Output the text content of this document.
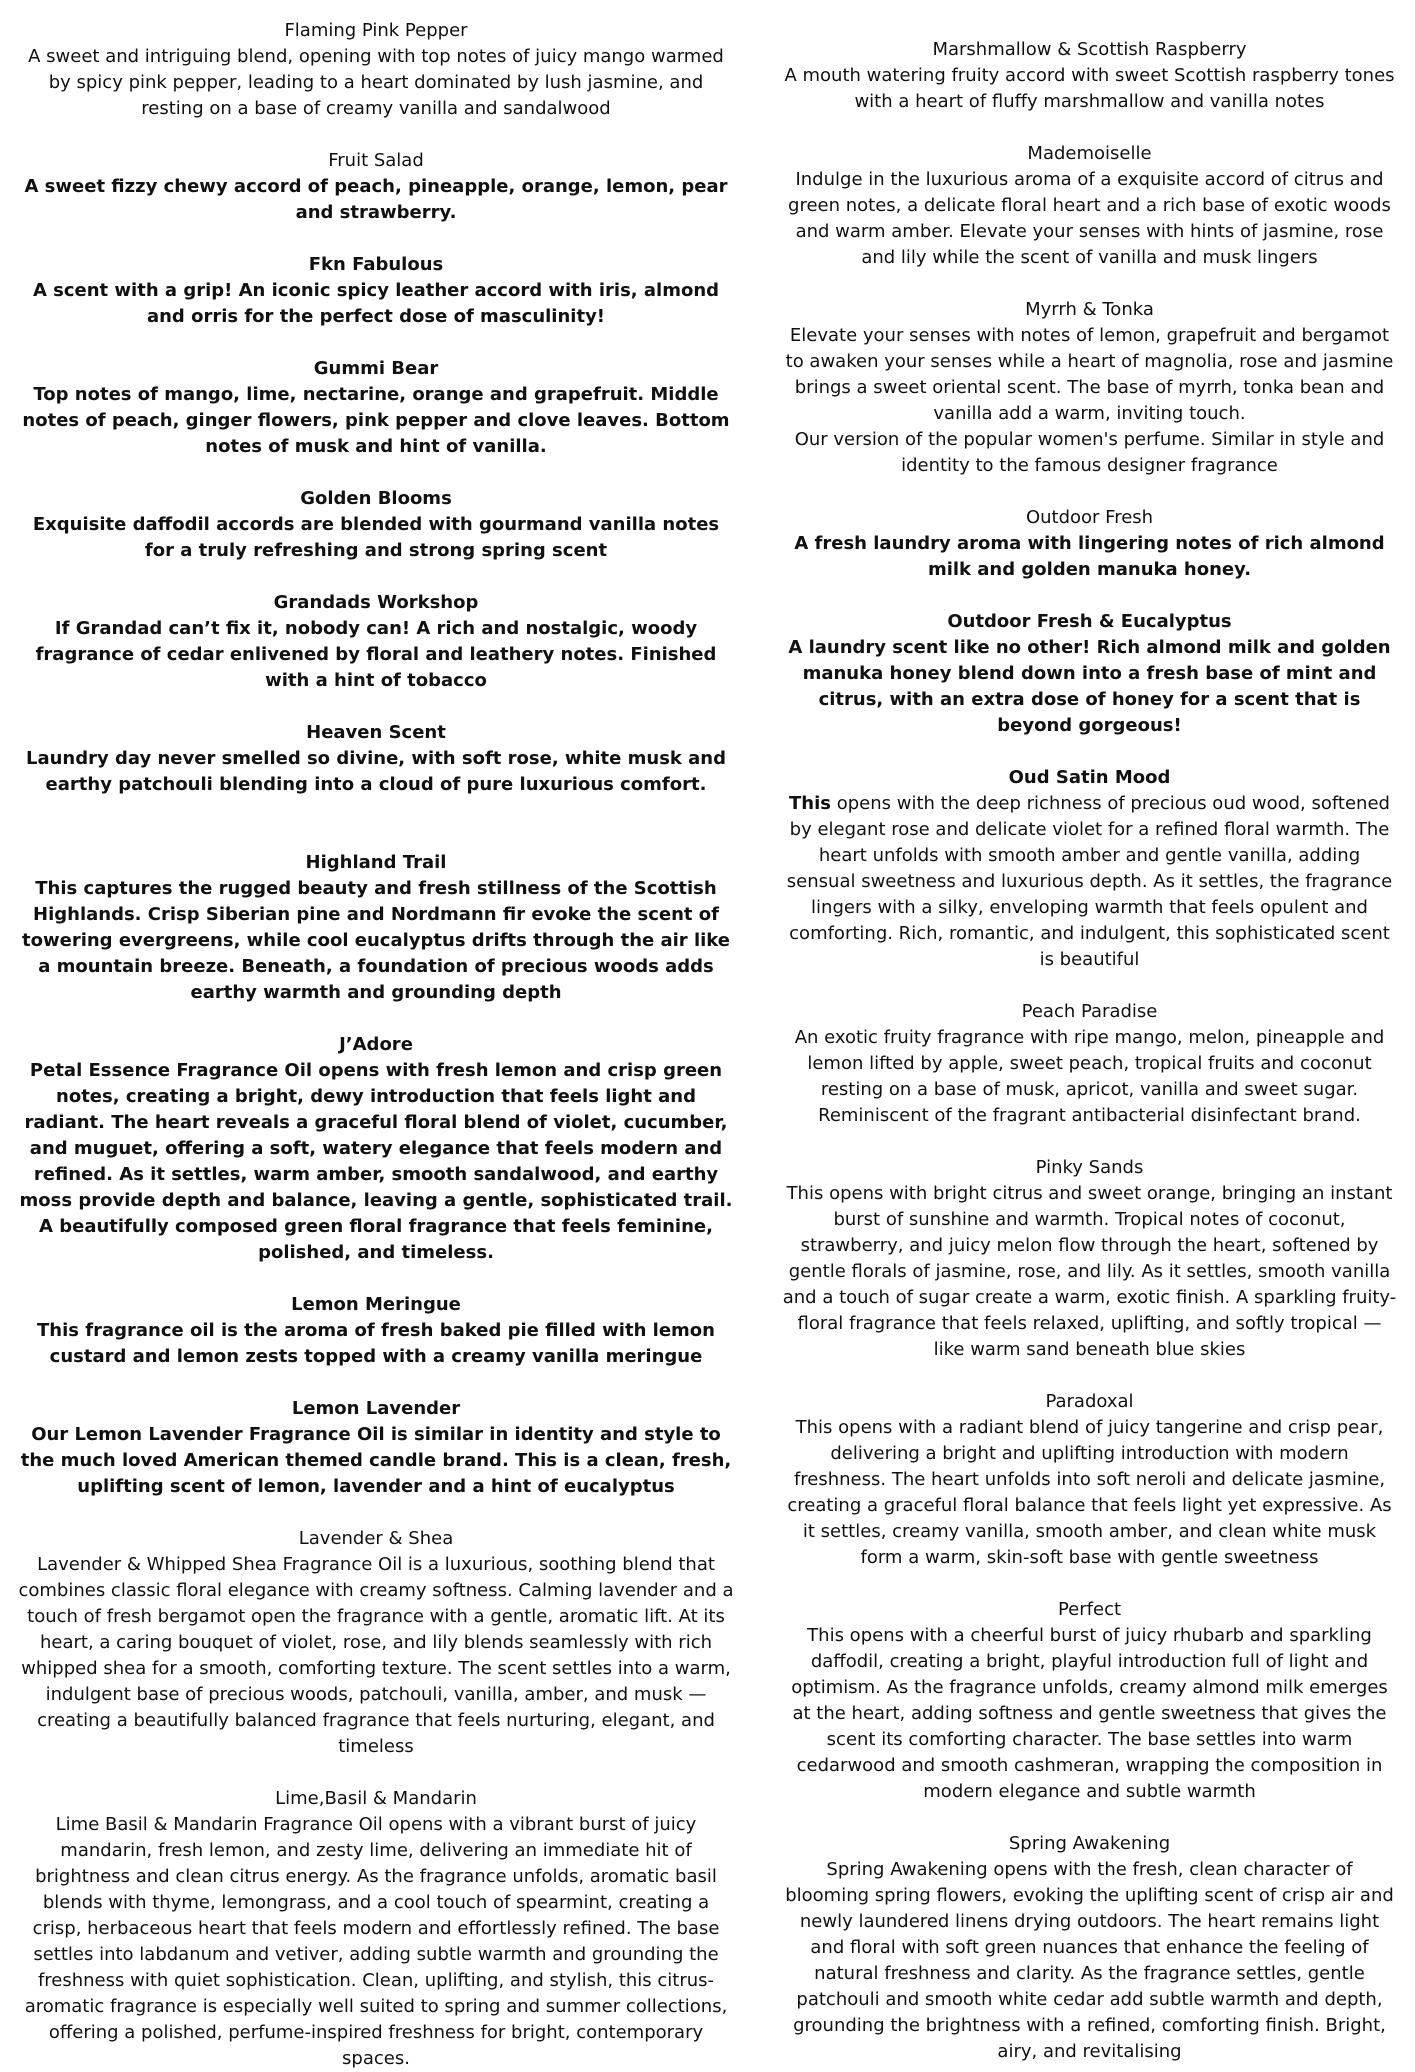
Flaming Pink Pepper

A sweet and intriguing blend, opening with top notes of juicy mango warmed by spicy pink pepper, leading to a heart dominated by lush jasmine, and resting on a base of creamy vanilla and sandalwood

Fruit Salad

A sweet fizzy chewy accord of peach, pineapple, orange, lemon, pear and strawberry.

Fkn Fabulous

A scent with a grip! An iconic spicy leather accord with iris, almond and orris for the perfect dose of masculinity!

Gummi Bear

Top notes of mango, lime, nectarine, orange and grapefruit. Middle notes of peach, ginger flowers, pink pepper and clove leaves. Bottom notes of musk and hint of vanilla.

Golden Blooms

Exquisite daffodil accords are blended with gourmand vanilla notes for a truly refreshing and strong spring scent

Grandads Workshop

If Grandad can’t fix it, nobody can! A rich and nostalgic, woody fragrance of cedar enlivened by floral and leathery notes. Finished with a hint of tobacco

Heaven Scent

Laundry day never smelled so divine, with soft rose, white musk and earthy patchouli blending into a cloud of pure luxurious comfort.

Highland Trail

This captures the rugged beauty and fresh stillness of the Scottish Highlands. Crisp Siberian pine and Nordmann fir evoke the scent of towering evergreens, while cool eucalyptus drifts through the air like a mountain breeze. Beneath, a foundation of precious woods adds earthy warmth and grounding depth

J’Adore

Petal Essence Fragrance Oil opens with fresh lemon and crisp green notes, creating a bright, dewy introduction that feels light and radiant. The heart reveals a graceful floral blend of violet, cucumber, and muguet, offering a soft, watery elegance that feels modern and refined. As it settles, warm amber, smooth sandalwood, and earthy moss provide depth and balance, leaving a gentle, sophisticated trail. A beautifully composed green floral fragrance that feels feminine, polished, and timeless.

Lemon Meringue

This fragrance oil is the aroma of fresh baked pie filled with lemon custard and lemon zests topped with a creamy vanilla meringue

Lemon Lavender

Our Lemon Lavender Fragrance Oil is similar in identity and style to the much loved American themed candle brand. This is a clean, fresh, uplifting scent of lemon, lavender and a hint of eucalyptus

Lavender & Shea

Lavender & Whipped Shea Fragrance Oil is a luxurious, soothing blend that combines classic floral elegance with creamy softness. Calming lavender and a touch of fresh bergamot open the fragrance with a gentle, aromatic lift. At its heart, a caring bouquet of violet, rose, and lily blends seamlessly with rich whipped shea for a smooth, comforting texture. The scent settles into a warm, indulgent base of precious woods, patchouli, vanilla, amber, and musk — creating a beautifully balanced fragrance that feels nurturing, elegant, and timeless

Lime,Basil & Mandarin

Lime Basil & Mandarin Fragrance Oil opens with a vibrant burst of juicy mandarin, fresh lemon, and zesty lime, delivering an immediate hit of brightness and clean citrus energy. As the fragrance unfolds, aromatic basil blends with thyme, lemongrass, and a cool touch of spearmint, creating a crisp, herbaceous heart that feels modern and effortlessly refined. The base settles into labdanum and vetiver, adding subtle warmth and grounding the freshness with quiet sophistication. Clean, uplifting, and stylish, this citrus-aromatic fragrance is especially well suited to spring and summer collections, offering a polished, perfume-inspired freshness for bright, contemporary spaces.

Marshmallow & Scottish Raspberry

A mouth watering fruity accord with sweet Scottish raspberry tones with a heart of fluffy marshmallow and vanilla notes

Mademoiselle

Indulge in the luxurious aroma of a exquisite accord of citrus and green notes, a delicate floral heart and a rich base of exotic woods and warm amber. Elevate your senses with hints of jasmine, rose and lily while the scent of vanilla and musk lingers

Myrrh & Tonka

Elevate your senses with notes of lemon, grapefruit and bergamot to awaken your senses while a heart of magnolia, rose and jasmine brings a sweet oriental scent. The base of myrrh, tonka bean and vanilla add a warm, inviting touch.

Our version of the popular women's perfume. Similar in style and identity to the famous designer fragrance

Outdoor Fresh

A fresh laundry aroma with lingering notes of rich almond milk and golden manuka honey.

Outdoor Fresh & Eucalyptus

A laundry scent like no other! Rich almond milk and golden manuka honey blend down into a fresh base of mint and citrus, with an extra dose of honey for a scent that is beyond gorgeous!

Oud Satin Mood

This opens with the deep richness of precious oud wood, softened by elegant rose and delicate violet for a refined floral warmth. The heart unfolds with smooth amber and gentle vanilla, adding sensual sweetness and luxurious depth. As it settles, the fragrance lingers with a silky, enveloping warmth that feels opulent and comforting. Rich, romantic, and indulgent, this sophisticated scent is beautiful

Peach Paradise

An exotic fruity fragrance with ripe mango, melon, pineapple and lemon lifted by apple, sweet peach, tropical fruits and coconut resting on a base of musk, apricot, vanilla and sweet sugar. Reminiscent of the fragrant antibacterial disinfectant brand.

Pinky Sands

This opens with bright citrus and sweet orange, bringing an instant burst of sunshine and warmth. Tropical notes of coconut, strawberry, and juicy melon flow through the heart, softened by gentle florals of jasmine, rose, and lily. As it settles, smooth vanilla and a touch of sugar create a warm, exotic finish. A sparkling fruity-floral fragrance that feels relaxed, uplifting, and softly tropical — like warm sand beneath blue skies

Paradoxal

This opens with a radiant blend of juicy tangerine and crisp pear, delivering a bright and uplifting introduction with modern freshness. The heart unfolds into soft neroli and delicate jasmine, creating a graceful floral balance that feels light yet expressive. As it settles, creamy vanilla, smooth amber, and clean white musk form a warm, skin-soft base with gentle sweetness

Perfect

This opens with a cheerful burst of juicy rhubarb and sparkling daffodil, creating a bright, playful introduction full of light and optimism. As the fragrance unfolds, creamy almond milk emerges at the heart, adding softness and gentle sweetness that gives the scent its comforting character. The base settles into warm cedarwood and smooth cashmeran, wrapping the composition in modern elegance and subtle warmth

Spring Awakening

Spring Awakening opens with the fresh, clean character of blooming spring flowers, evoking the uplifting scent of crisp air and newly laundered linens drying outdoors. The heart remains light and floral with soft green nuances that enhance the feeling of natural freshness and clarity. As the fragrance settles, gentle patchouli and smooth white cedar add subtle warmth and depth, grounding the brightness with a refined, comforting finish. Bright, airy, and revitalising
